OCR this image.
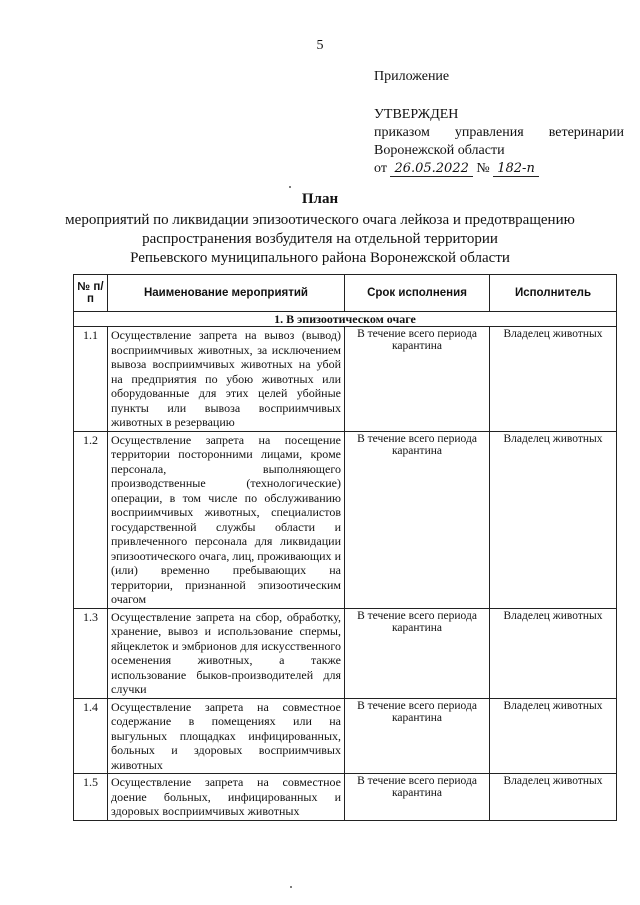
5
Приложение
УТВЕРЖДЕН
приказом управления ветеринарии
Воронежской области
от 26.05.2022 № 182-п
План
мероприятий по ликвидации эпизоотического очага лейкоза и предотвращению
распространения возбудителя на отдельной территории
Репьевского муниципального района Воронежской области
№ п/п	Наименование мероприятий	Срок исполнения	Исполнитель
1. В эпизоотическом очаге			
1.1	Осуществление запрета на вывоз (вывод) восприимчивых животных, за исключением вывоза восприимчивых животных на убой на предприятия по убою животных или оборудованные для этих целей убойные пункты или вывоза восприимчивых животных в резервацию	В течение всего периода карантина	Владелец животных
1.2	Осуществление запрета на посещение территории посторонними лицами, кроме персонала, выполняющего производственные (технологические) операции, в том числе по обслуживанию восприимчивых животных, специалистов государственной службы области и привлеченного персонала для ликвидации эпизоотического очага, лиц, проживающих и (или) временно пребывающих на территории, признанной эпизоотическим очагом	В течение всего периода карантина	Владелец животных
1.3	Осуществление запрета на сбор, обработку, хранение, вывоз и использование спермы, яйцеклеток и эмбрионов для искусственного осеменения животных, а также использование быков-производителей для случки	В течение всего периода карантина	Владелец животных
1.4	Осуществление запрета на совместное содержание в помещениях или на выгульных площадках инфицированных, больных и здоровых восприимчивых животных	В течение всего периода карантина	Владелец животных
1.5	Осуществление запрета на совместное доение больных, инфицированных и здоровых восприимчивых животных	В течение всего периода карантина	Владелец животных
